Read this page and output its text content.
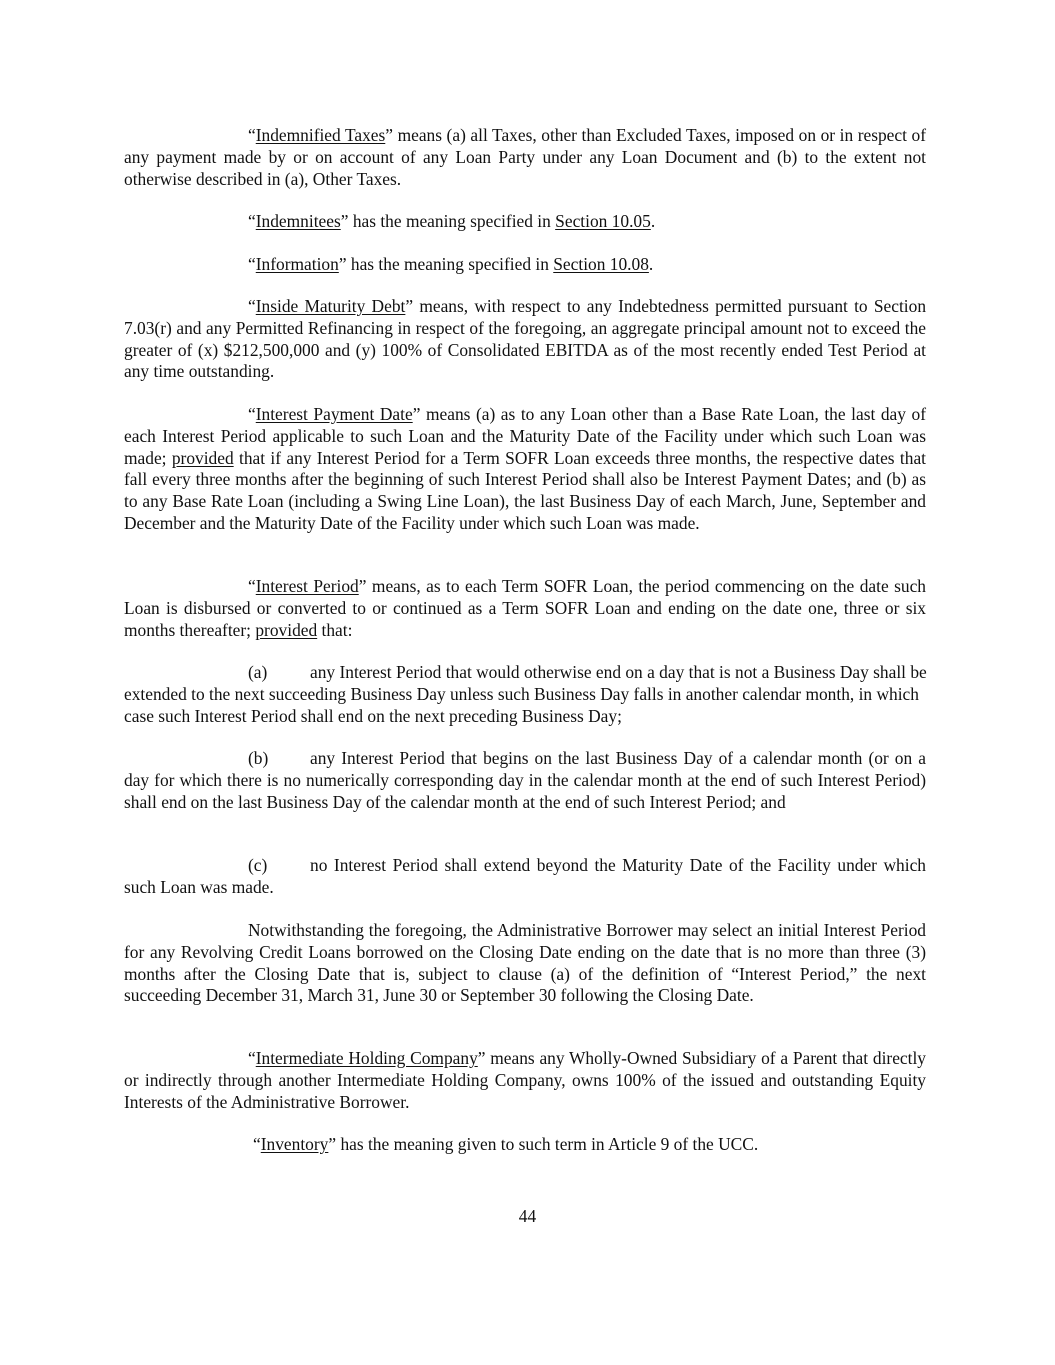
“Indemnified Taxes” means (a) all Taxes, other than Excluded Taxes, imposed on or in respect of any payment made by or on account of any Loan Party under any Loan Document and (b) to the extent not otherwise described in (a), Other Taxes.

“Indemnitees” has the meaning specified in Section 10.05.

“Information” has the meaning specified in Section 10.08.

“Inside Maturity Debt” means, with respect to any Indebtedness permitted pursuant to Section 7.03(r) and any Permitted Refinancing in respect of the foregoing, an aggregate principal amount not to exceed the greater of (x) $212,500,000 and (y) 100% of Consolidated EBITDA as of the most recently ended Test Period at any time outstanding.

“Interest Payment Date” means (a) as to any Loan other than a Base Rate Loan, the last day of each Interest Period applicable to such Loan and the Maturity Date of the Facility under which such Loan was made; provided that if any Interest Period for a Term SOFR Loan exceeds three months, the respective dates that fall every three months after the beginning of such Interest Period shall also be Interest Payment Dates; and (b) as to any Base Rate Loan (including a Swing Line Loan), the last Business Day of each March, June, September and December and the Maturity Date of the Facility under which such Loan was made.

“Interest Period” means, as to each Term SOFR Loan, the period commencing on the date such Loan is disbursed or converted to or continued as a Term SOFR Loan and ending on the date one, three or six months thereafter; provided that:

(a) any Interest Period that would otherwise end on a day that is not a Business Day shall be extended to the next succeeding Business Day unless such Business Day falls in another calendar month, in which case such Interest Period shall end on the next preceding Business Day;

(b) any Interest Period that begins on the last Business Day of a calendar month (or on a day for which there is no numerically corresponding day in the calendar month at the end of such Interest Period) shall end on the last Business Day of the calendar month at the end of such Interest Period; and

(c) no Interest Period shall extend beyond the Maturity Date of the Facility under which such Loan was made.

Notwithstanding the foregoing, the Administrative Borrower may select an initial Interest Period for any Revolving Credit Loans borrowed on the Closing Date ending on the date that is no more than three (3) months after the Closing Date that is, subject to clause (a) of the definition of “Interest Period,” the next succeeding December 31, March 31, June 30 or September 30 following the Closing Date.

“Intermediate Holding Company” means any Wholly-Owned Subsidiary of a Parent that directly or indirectly through another Intermediate Holding Company, owns 100% of the issued and outstanding Equity Interests of the Administrative Borrower.

“Inventory” has the meaning given to such term in Article 9 of the UCC.

44
